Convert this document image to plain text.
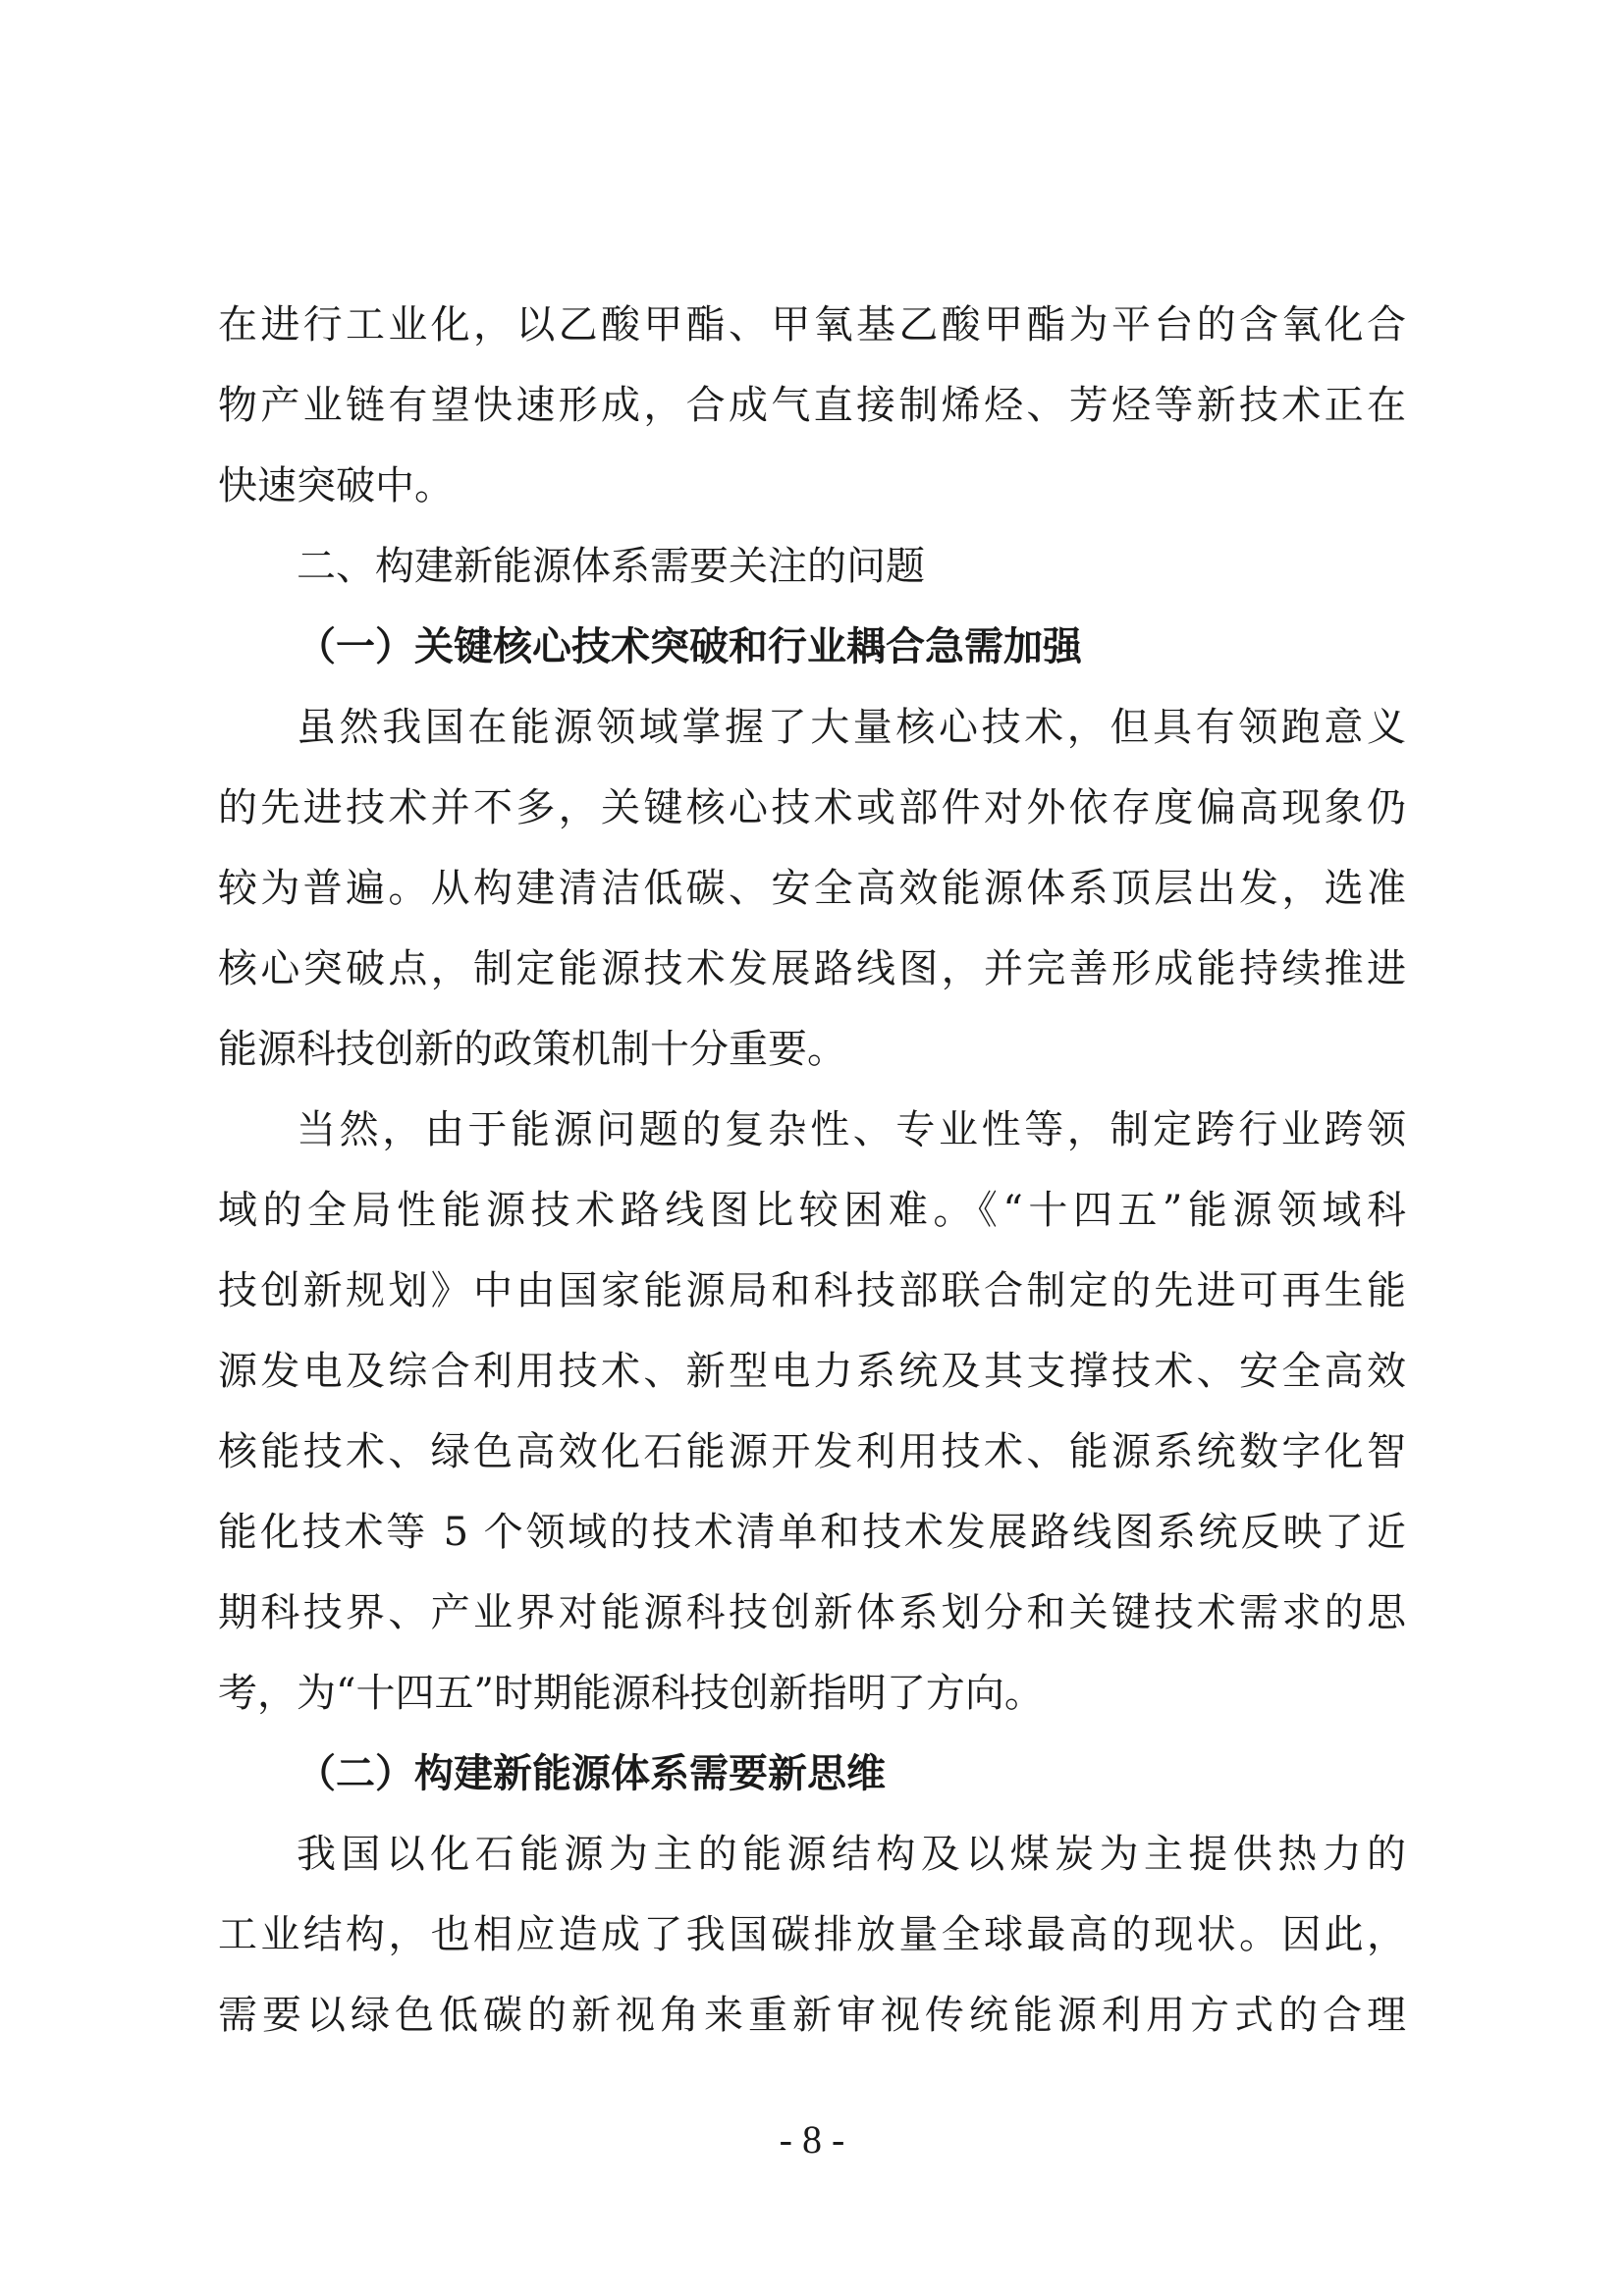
在进行工业化，以乙酸甲酯、甲氧基乙酸甲酯为平台的含氧化合
物产业链有望快速形成，合成气直接制烯烃、芳烃等新技术正在
快速突破中。
二、构建新能源体系需要关注的问题
（一）关键核心技术突破和行业耦合急需加强
虽然我国在能源领域掌握了大量核心技术，但具有领跑意义
的先进技术并不多，关键核心技术或部件对外依存度偏高现象仍
较为普遍。从构建清洁低碳、安全高效能源体系顶层出发，选准
核心突破点，制定能源技术发展路线图，并完善形成能持续推进
能源科技创新的政策机制十分重要。
当然，由于能源问题的复杂性、专业性等，制定跨行业跨领
域的全局性能源技术路线图比较困难。《“十四五”能源领域科
技创新规划》中由国家能源局和科技部联合制定的先进可再生能
源发电及综合利用技术、新型电力系统及其支撑技术、安全高效
核能技术、绿色高效化石能源开发利用技术、能源系统数字化智
能化技术等 5 个领域的技术清单和技术发展路线图系统反映了近
期科技界、产业界对能源科技创新体系划分和关键技术需求的思
考，为“十四五”时期能源科技创新指明了方向。
（二）构建新能源体系需要新思维
我国以化石能源为主的能源结构及以煤炭为主提供热力的
工业结构，也相应造成了我国碳排放量全球最高的现状。因此，
需要以绿色低碳的新视角来重新审视传统能源利用方式的合理
- 8 -
